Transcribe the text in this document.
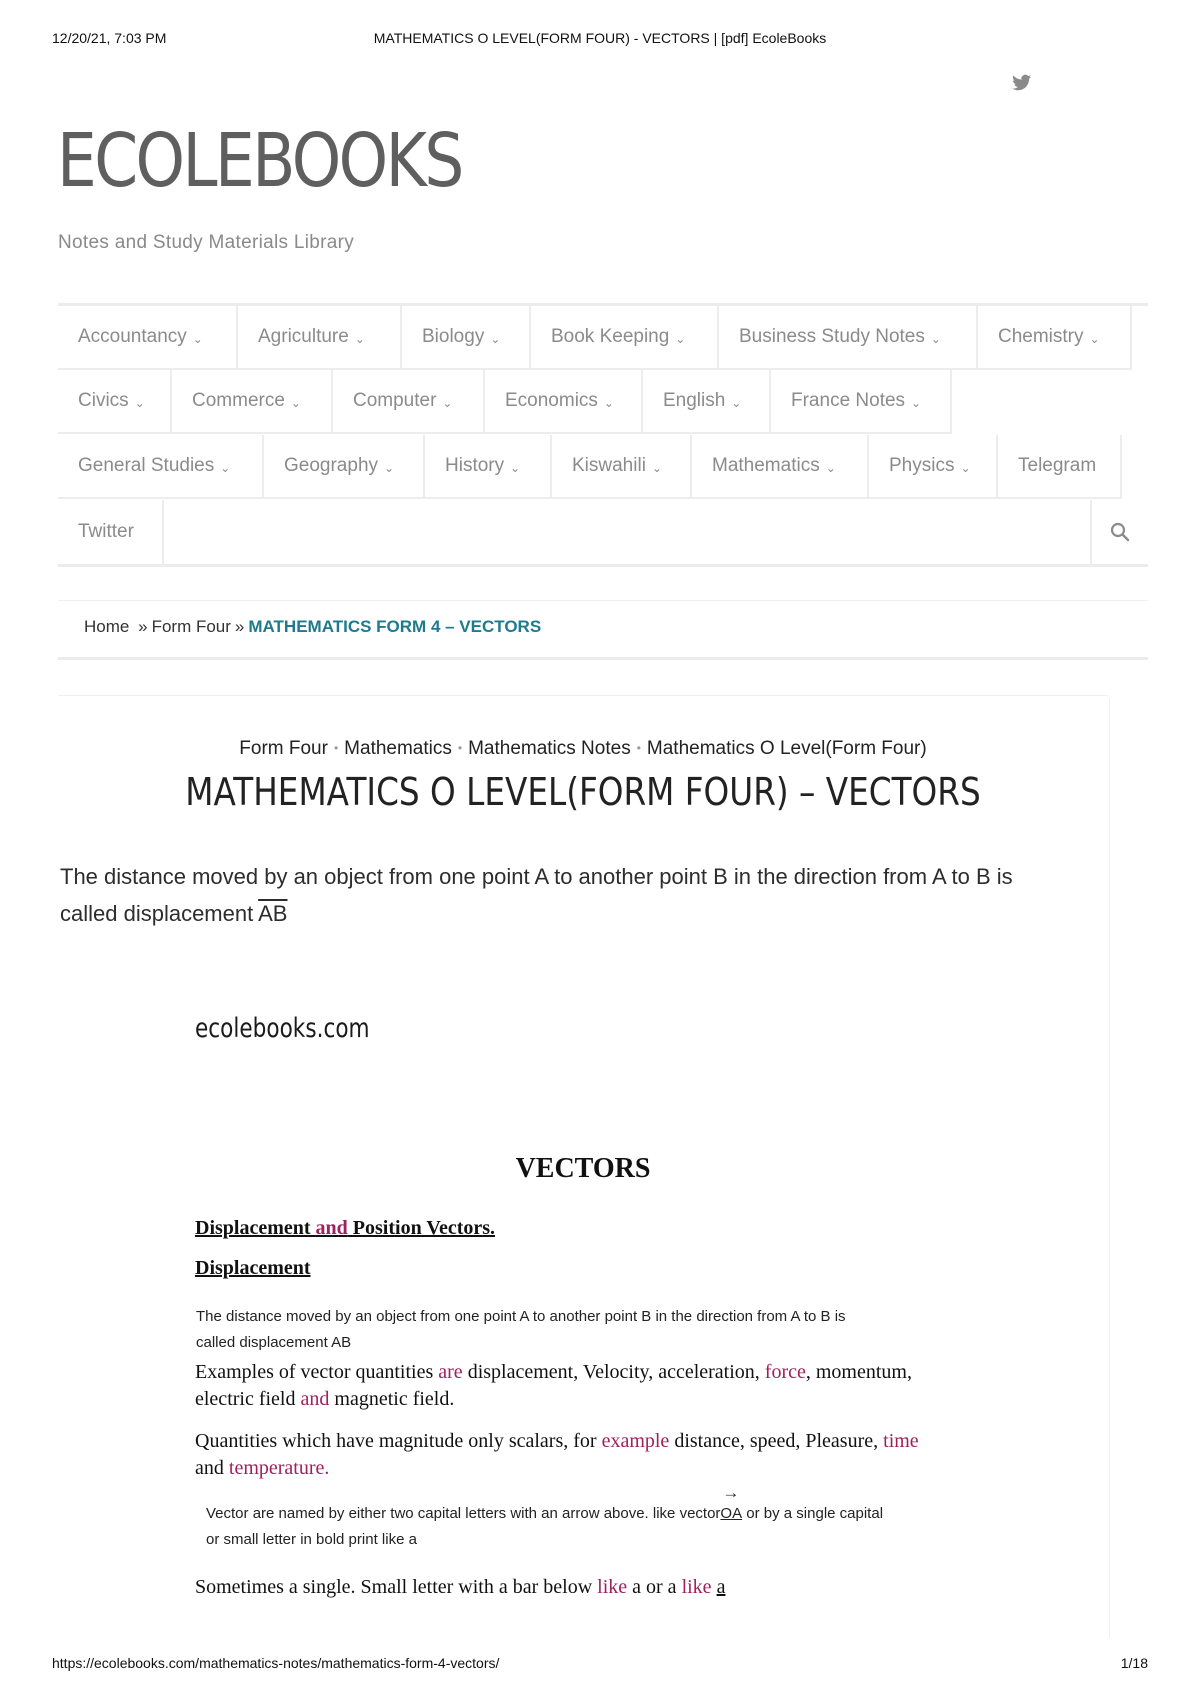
12/20/21, 7:03 PM	MATHEMATICS O LEVEL(FORM FOUR) - VECTORS | [pdf] EcoleBooks
ECOLEBOOKS
Notes and Study Materials Library
Accountancy ⌄	Agriculture ⌄	Biology ⌄	Book Keeping ⌄	Business Study Notes ⌄	Chemistry ⌄
Civics ⌄ Commerce ⌄	Computer ⌄	Economics ⌄	English ⌄	France Notes ⌄
General Studies ⌄	Geography ⌄	History ⌄	Kiswahili ⌄	Mathematics ⌄	Physics ⌄ Telegram
Twitter
Home » Form Four » MATHEMATICS FORM 4 – VECTORS
Form Four • Mathematics • Mathematics Notes • Mathematics O Level(Form Four)
MATHEMATICS O LEVEL(FORM FOUR) – VECTORS
The distance moved by an object from one point A to another point B in the direction from A to B is
called displacement $\overline{AB}$
ecolebooks.com
VECTORS
Displacement and Position Vectors.
Displacement
The distance moved by an object from one point A to another point B in the direction from A to B is
called displacement AB
Examples of vector quantities are displacement, Velocity, acceleration, force, momentum,
electric field and magnetic field.
Quantities which have magnitude only scalars, for example distance, speed, Pleasure, time
and temperature.
Vector are named by either two capital letters with an arrow above. like vector→ OA or by a single capital
or small letter in bold print like a
Sometimes a single. Small letter with a bar below like a or a like a
https://ecolebooks.com/mathematics-notes/mathematics-form-4-vectors/	1/18
